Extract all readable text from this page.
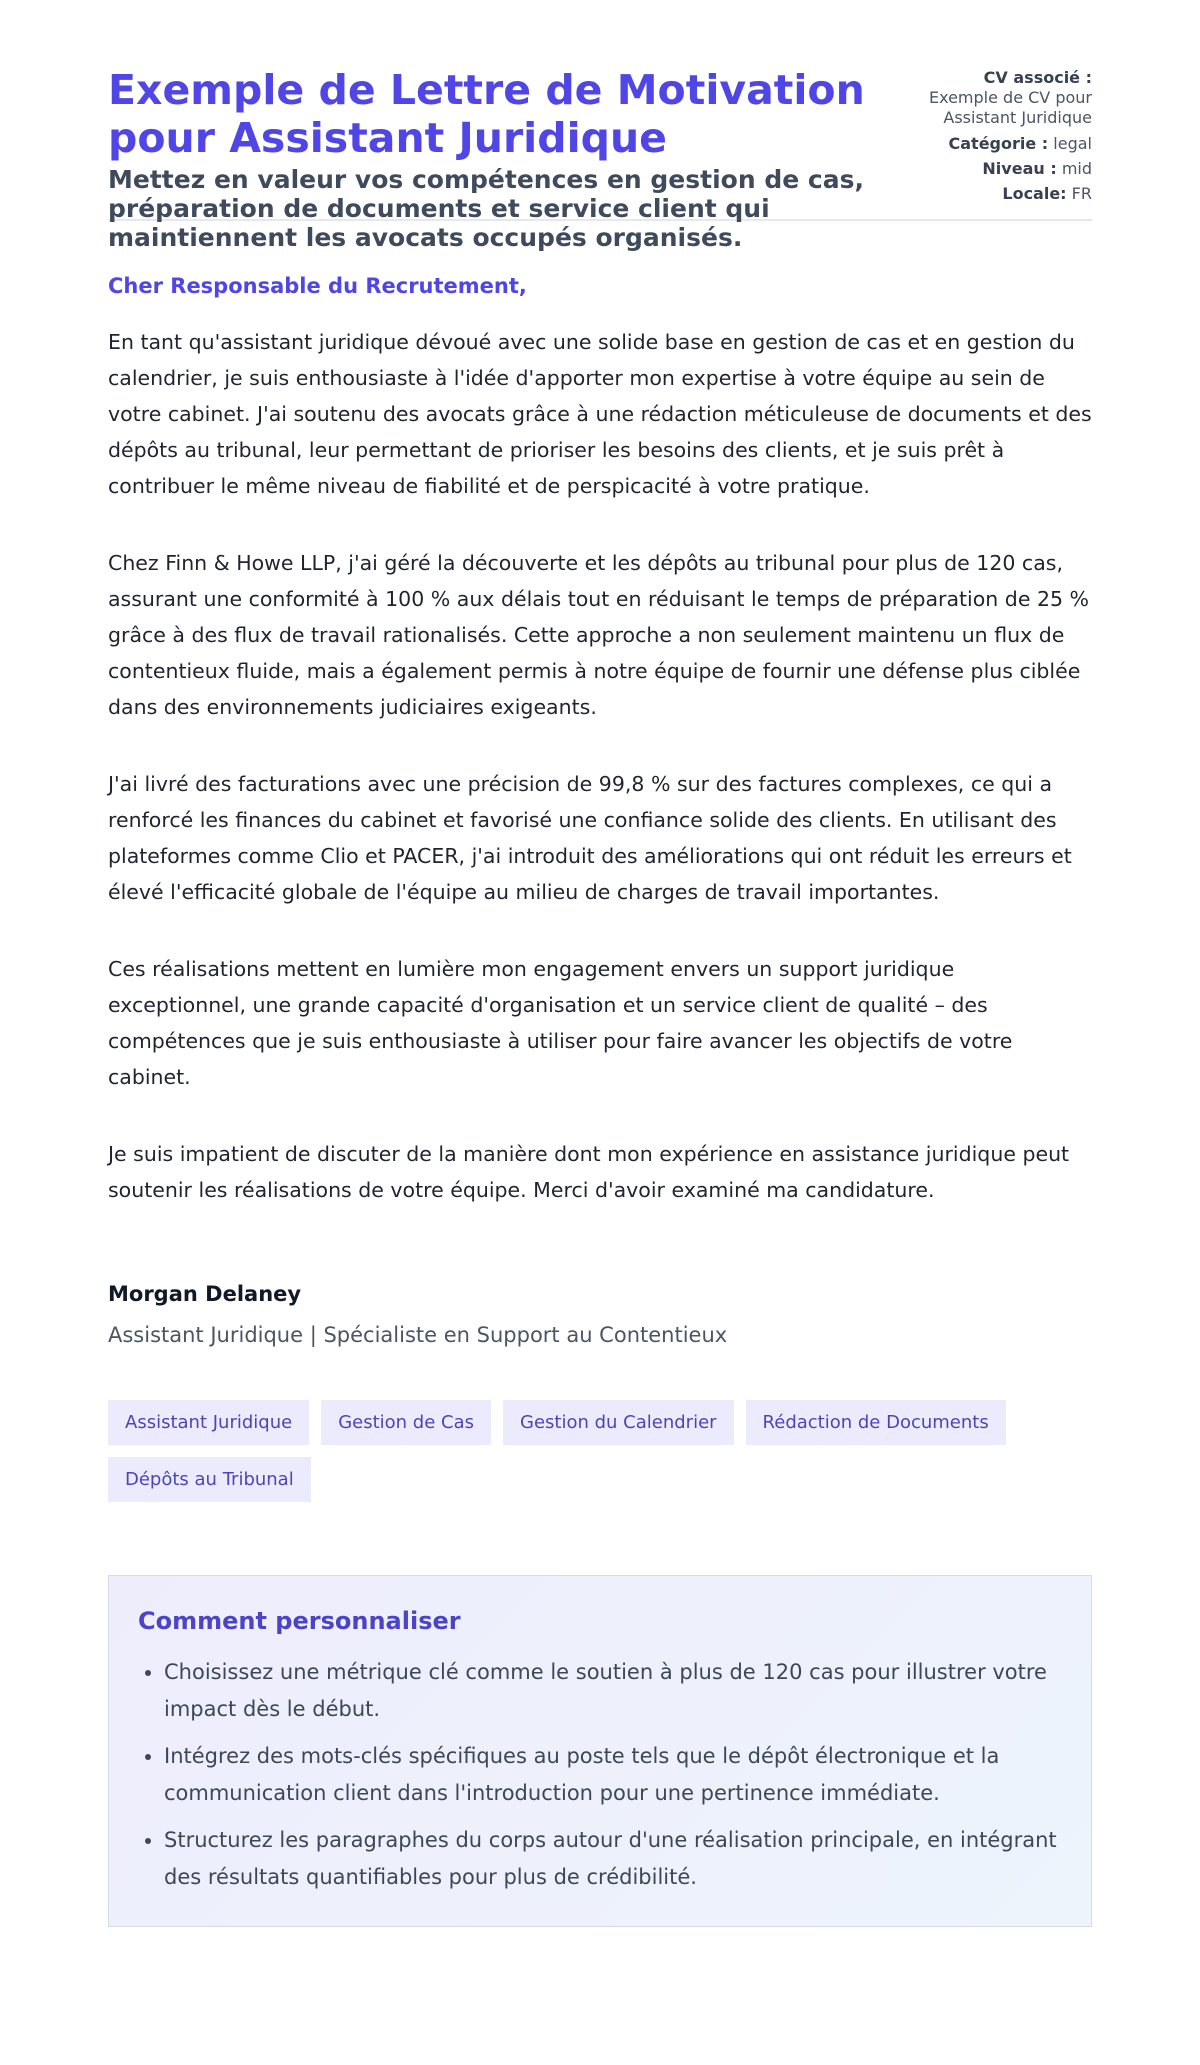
Exemple de Lettre de Motivation pour Assistant Juridique
Mettez en valeur vos compétences en gestion de cas, préparation de documents et service client qui maintiennent les avocats occupés organisés.
CV associé :
Exemple de CV pour Assistant Juridique
Catégorie : legal
Niveau : mid
Locale: FR
Cher Responsable du Recrutement,

En tant qu'assistant juridique dévoué avec une solide base en gestion de cas et en gestion du calendrier, je suis enthousiaste à l'idée d'apporter mon expertise à votre équipe au sein de votre cabinet. J'ai soutenu des avocats grâce à une rédaction méticuleuse de documents et des dépôts au tribunal, leur permettant de prioriser les besoins des clients, et je suis prêt à contribuer le même niveau de fiabilité et de perspicacité à votre pratique.

Chez Finn & Howe LLP, j'ai géré la découverte et les dépôts au tribunal pour plus de 120 cas, assurant une conformité à 100 % aux délais tout en réduisant le temps de préparation de 25 % grâce à des flux de travail rationalisés. Cette approche a non seulement maintenu un flux de contentieux fluide, mais a également permis à notre équipe de fournir une défense plus ciblée dans des environnements judiciaires exigeants.

J'ai livré des facturations avec une précision de 99,8 % sur des factures complexes, ce qui a renforcé les finances du cabinet et favorisé une confiance solide des clients. En utilisant des plateformes comme Clio et PACER, j'ai introduit des améliorations qui ont réduit les erreurs et élevé l'efficacité globale de l'équipe au milieu de charges de travail importantes.

Ces réalisations mettent en lumière mon engagement envers un support juridique exceptionnel, une grande capacité d'organisation et un service client de qualité – des compétences que je suis enthousiaste à utiliser pour faire avancer les objectifs de votre cabinet.

Je suis impatient de discuter de la manière dont mon expérience en assistance juridique peut soutenir les réalisations de votre équipe. Merci d'avoir examiné ma candidature.

Morgan Delaney
Assistant Juridique | Spécialiste en Support au Contentieux
Assistant Juridique	Gestion de Cas	Gestion du Calendrier	Rédaction de Documents
Dépôts au Tribunal
Comment personnaliser
• Choisissez une métrique clé comme le soutien à plus de 120 cas pour illustrer votre impact dès le début.
• Intégrez des mots-clés spécifiques au poste tels que le dépôt électronique et la communication client dans l'introduction pour une pertinence immédiate.
• Structurez les paragraphes du corps autour d'une réalisation principale, en intégrant des résultats quantifiables pour plus de crédibilité.
